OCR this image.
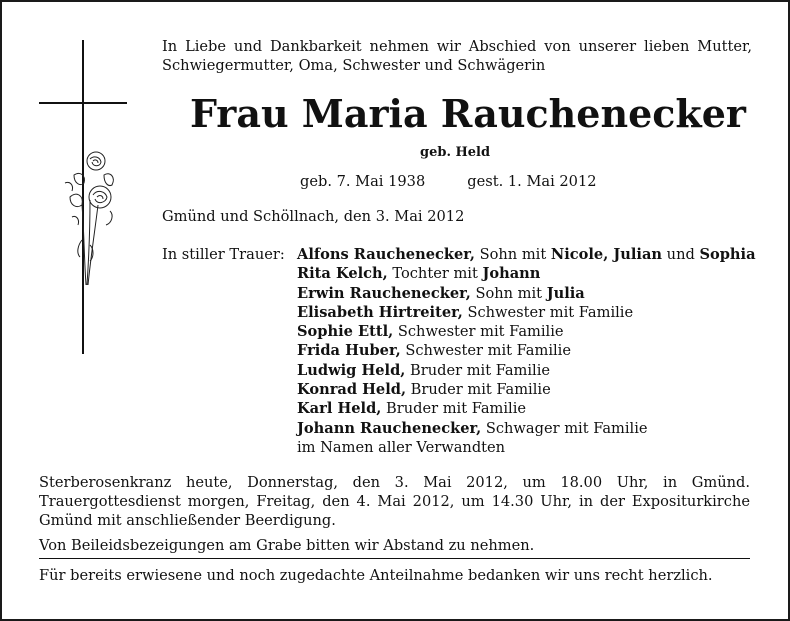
In Liebe und Dankbarkeit nehmen wir Abschied von unserer lieben Mutter, Schwiegermutter, Oma, Schwester und Schwägerin
Frau Maria Rauchenecker
geb. Held
geb. 7. Mai 1938	gest. 1. Mai 2012
Gmünd und Schöllnach, den 3. Mai 2012
In stiller Trauer: Alfons Rauchenecker, Sohn mit Nicole, Julian und Sophia
Rita Kelch, Tochter mit Johann
Erwin Rauchenecker, Sohn mit Julia
Elisabeth Hirtreiter, Schwester mit Familie
Sophie Ettl, Schwester mit Familie
Frida Huber, Schwester mit Familie
Ludwig Held, Bruder mit Familie
Konrad Held, Bruder mit Familie
Karl Held, Bruder mit Familie
Johann Rauchenecker, Schwager mit Familie
im Namen aller Verwandten
Sterberosenkranz heute, Donnerstag, den 3. Mai 2012, um 18.00 Uhr, in Gmünd. Trauergottesdienst morgen, Freitag, den 4. Mai 2012, um 14.30 Uhr, in der Expositurkirche Gmünd mit anschließender Beerdigung.
Von Beileidsbezeigungen am Grabe bitten wir Abstand zu nehmen.
Für bereits erwiesene und noch zugedachte Anteilnahme bedanken wir uns recht herzlich.
